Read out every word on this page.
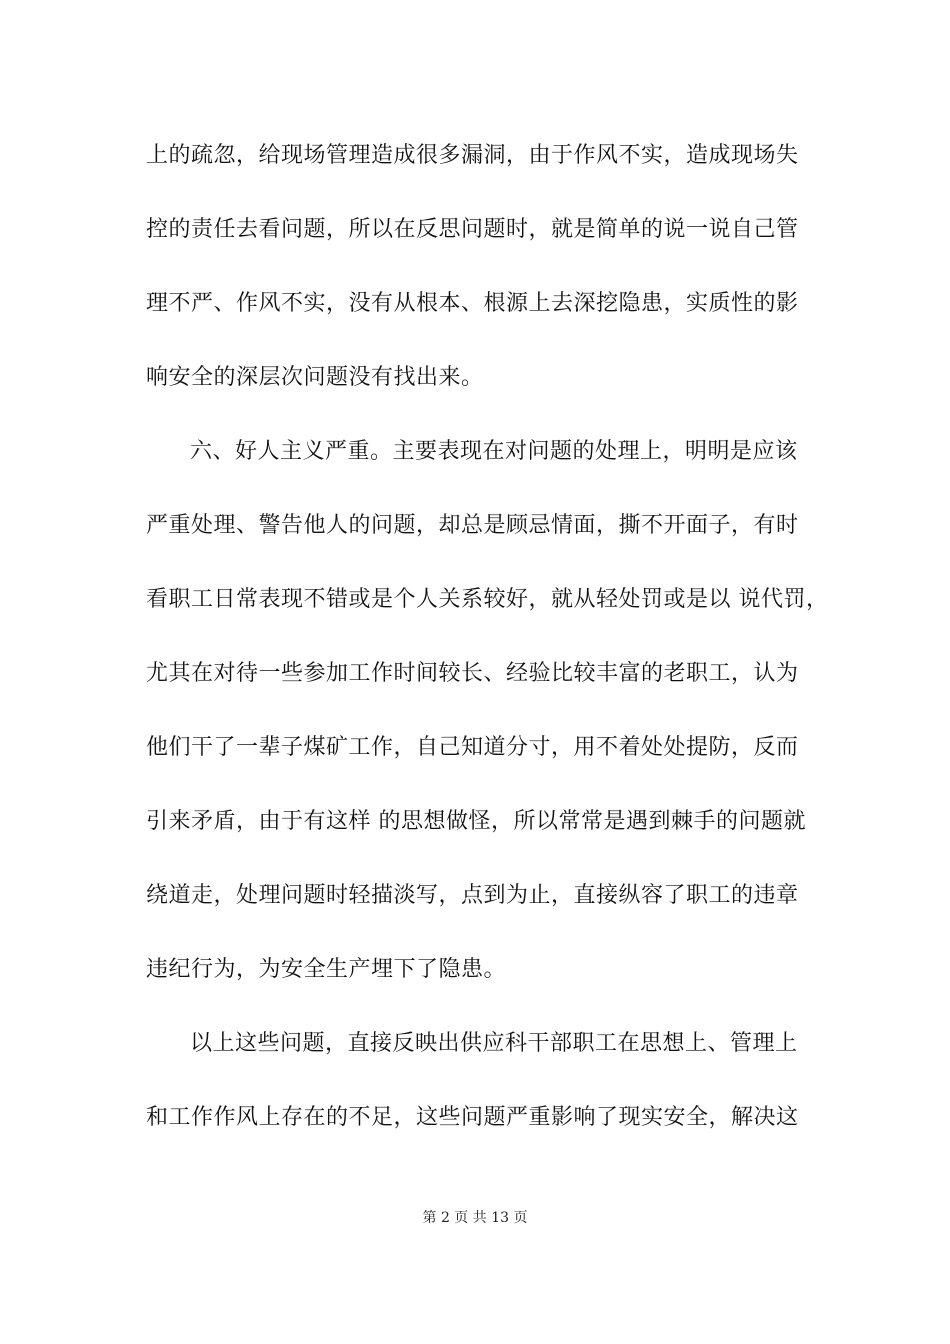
上的疏忽，给现场管理造成很多漏洞，由于作风不实，造成现场失
控的责任去看问题，所以在反思问题时，就是简单的说一说自己管
理不严、作风不实，没有从根本、根源上去深挖隐患，实质性的影
响安全的深层次问题没有找出来。
六、好人主义严重。主要表现在对问题的处理上，明明是应该
严重处理、警告他人的问题，却总是顾忌情面，撕不开面子，有时
看职工日常表现不错或是个人关系较好，就从轻处罚或是以 说代罚，
尤其在对待一些参加工作时间较长、经验比较丰富的老职工，认为
他们干了一辈子煤矿工作，自己知道分寸，用不着处处提防，反而
引来矛盾，由于有这样 的思想做怪，所以常常是遇到棘手的问题就
绕道走，处理问题时轻描淡写，点到为止，直接纵容了职工的违章
违纪行为，为安全生产埋下了隐患。
以上这些问题，直接反映出供应科干部职工在思想上、管理上
和工作作风上存在的不足，这些问题严重影响了现实安全，解决这
第 2 页 共 13 页
